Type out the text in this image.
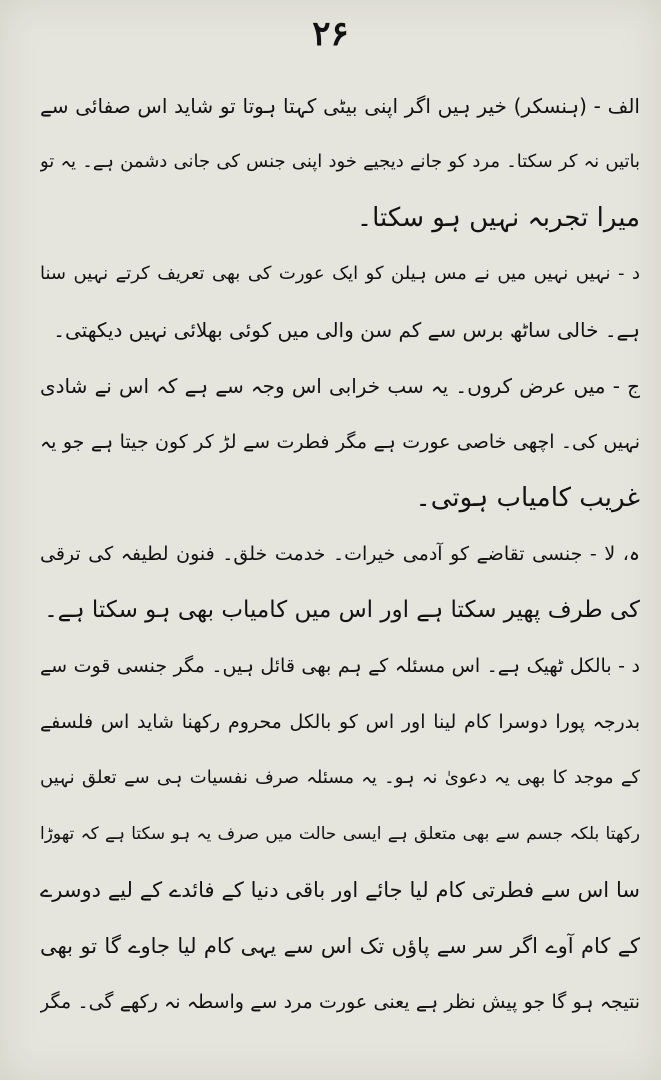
۲۶
الف - (ہنسکر) خیر ہیں اگر اپنی بیٹی کہتا ہوتا تو شاید اس صفائی سے
باتیں نہ کر سکتا۔ مرد کو جانے دیجیے خود اپنی جنس کی جانی دشمن ہے۔ یہ تو
میرا تجربہ نہیں ہو سکتا۔
د - نہیں نہیں میں نے مس ہیلن کو ایک عورت کی بھی تعریف کرتے نہیں سنا
ہے۔ خالی ساٹھ برس سے کم سن والی میں کوئی بھلائی نہیں دیکھتی۔
ج - میں عرض کروں۔ یہ سب خرابی اس وجہ سے ہے کہ اس نے شادی
نہیں کی۔ اچھی خاصی عورت ہے مگر فطرت سے لڑ کر کون جیتا ہے جو یہ
غریب کامیاب ہوتی۔
ہ، لا - جنسی تقاضے کو آدمی خیرات۔ خدمت خلق۔ فنون لطیفہ کی ترقی
کی طرف پھیر سکتا ہے اور اس میں کامیاب بھی ہو سکتا ہے۔
د - بالکل ٹھیک ہے۔ اس مسئلہ کے ہم بھی قائل ہیں۔ مگر جنسی قوت سے
بدرجہ پورا دوسرا کام لینا اور اس کو بالکل محروم رکھنا شاید اس فلسفے
کے موجد کا بھی یہ دعویٰ نہ ہو۔ یہ مسئلہ صرف نفسیات ہی سے تعلق نہیں
رکھتا بلکہ جسم سے بھی متعلق ہے ایسی حالت میں صرف یہ ہو سکتا ہے کہ تھوڑا
سا اس سے فطرتی کام لیا جائے اور باقی دنیا کے فائدے کے لیے دوسرے
کے کام آوے اگر سر سے پاؤں تک اس سے یہی کام لیا جاوے گا تو بھی
نتیجہ ہو گا جو پیش نظر ہے یعنی عورت مرد سے واسطہ نہ رکھے گی۔ مگر
